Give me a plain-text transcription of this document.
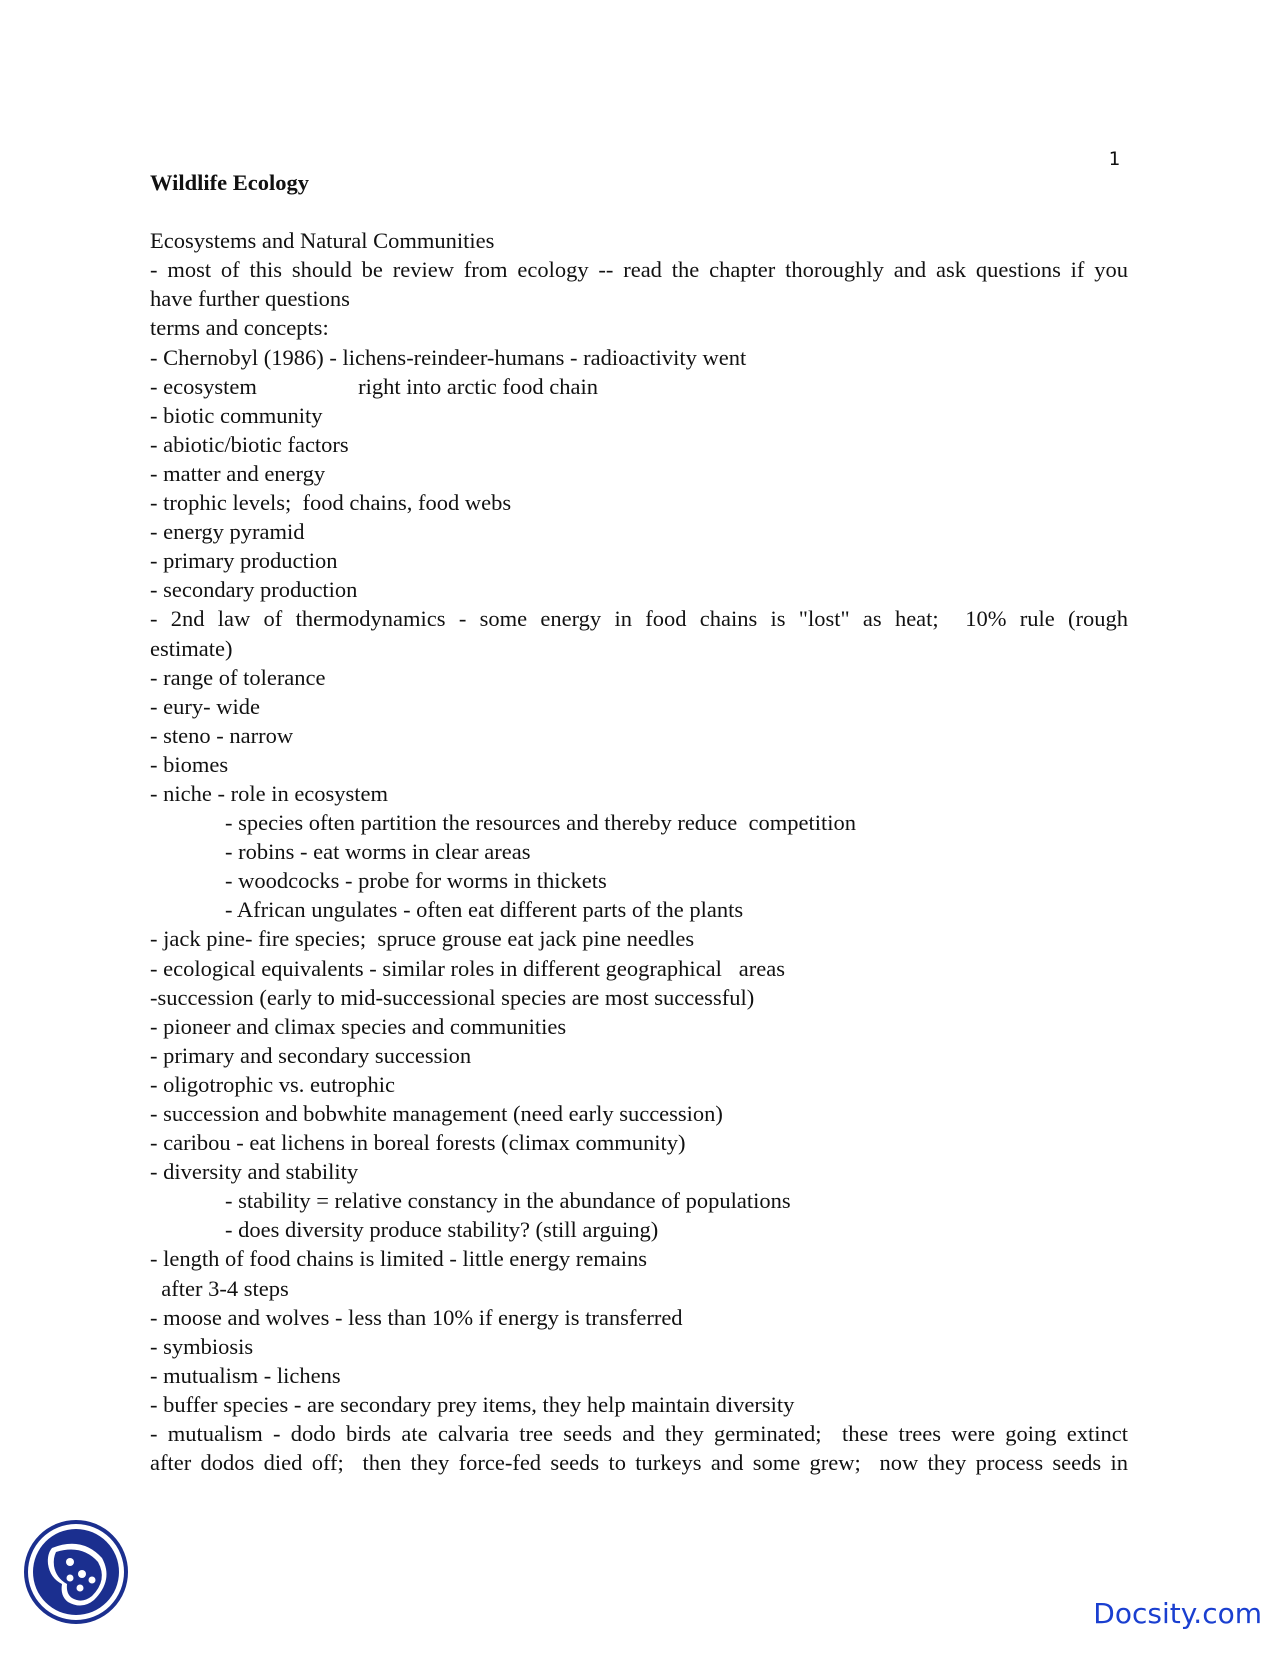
1

Wildlife Ecology

Ecosystems and Natural Communities
- most of this should be review from ecology -- read the chapter thoroughly and ask questions if you
have further questions
terms and concepts:
- Chernobyl (1986) - lichens-reindeer-humans - radioactivity went
- ecosystem                  right into arctic food chain
- biotic community
- abiotic/biotic factors
- matter and energy
- trophic levels;  food chains, food webs
- energy pyramid
- primary production
- secondary production
- 2nd law of thermodynamics - some energy in food chains is "lost" as heat;  10% rule (rough
estimate)
- range of tolerance
- eury- wide
- steno - narrow
- biomes
- niche - role in ecosystem
- species often partition the resources and thereby reduce  competition
- robins - eat worms in clear areas
- woodcocks - probe for worms in thickets
- African ungulates - often eat different parts of the plants
- jack pine- fire species;  spruce grouse eat jack pine needles
- ecological equivalents - similar roles in different geographical   areas
-succession (early to mid-successional species are most successful)
- pioneer and climax species and communities
- primary and secondary succession
- oligotrophic vs. eutrophic
- succession and bobwhite management (need early succession)
- caribou - eat lichens in boreal forests (climax community)
- diversity and stability
- stability = relative constancy in the abundance of populations
- does diversity produce stability? (still arguing)
- length of food chains is limited - little energy remains
after 3-4 steps
- moose and wolves - less than 10% if energy is transferred
- symbiosis
- mutualism - lichens
- buffer species - are secondary prey items, they help maintain diversity
- mutualism - dodo birds ate calvaria tree seeds and they germinated;  these trees were going extinct
after dodos died off;  then they force-fed seeds to turkeys and some grew;  now they process seeds in
Docsity.com
